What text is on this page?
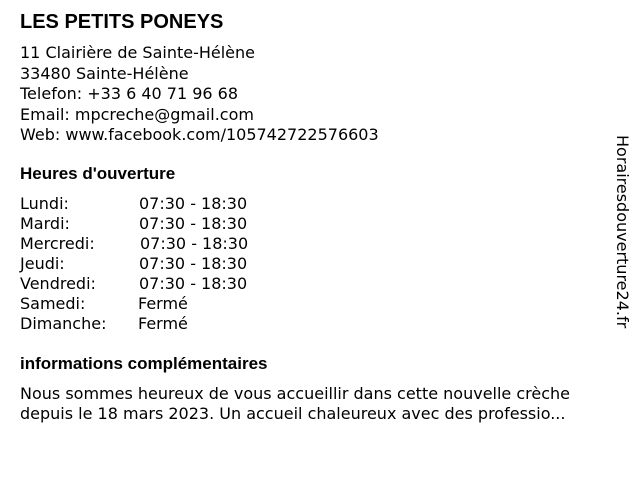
LES PETITS PONEYS
11 Clairière de Sainte-Hélène
33480 Sainte-Hélène
Telefon: +33 6 40 71 96 68
Email: mpcreche@gmail.com
Web: www.facebook.com/105742722576603
Heures d'ouverture
Lundi:	07:30 - 18:30
Mardi:	07:30 - 18:30
Mercredi:	07:30 - 18:30
Jeudi:	07:30 - 18:30
Vendredi:	07:30 - 18:30
Samedi:	Fermé
Dimanche: Fermé
informations complémentaires
Nous sommes heureux de vous accueillir dans cette nouvelle crèche
depuis le 18 mars 2023. Un accueil chaleureux avec des professio...
Horairesdouverture24.fr
